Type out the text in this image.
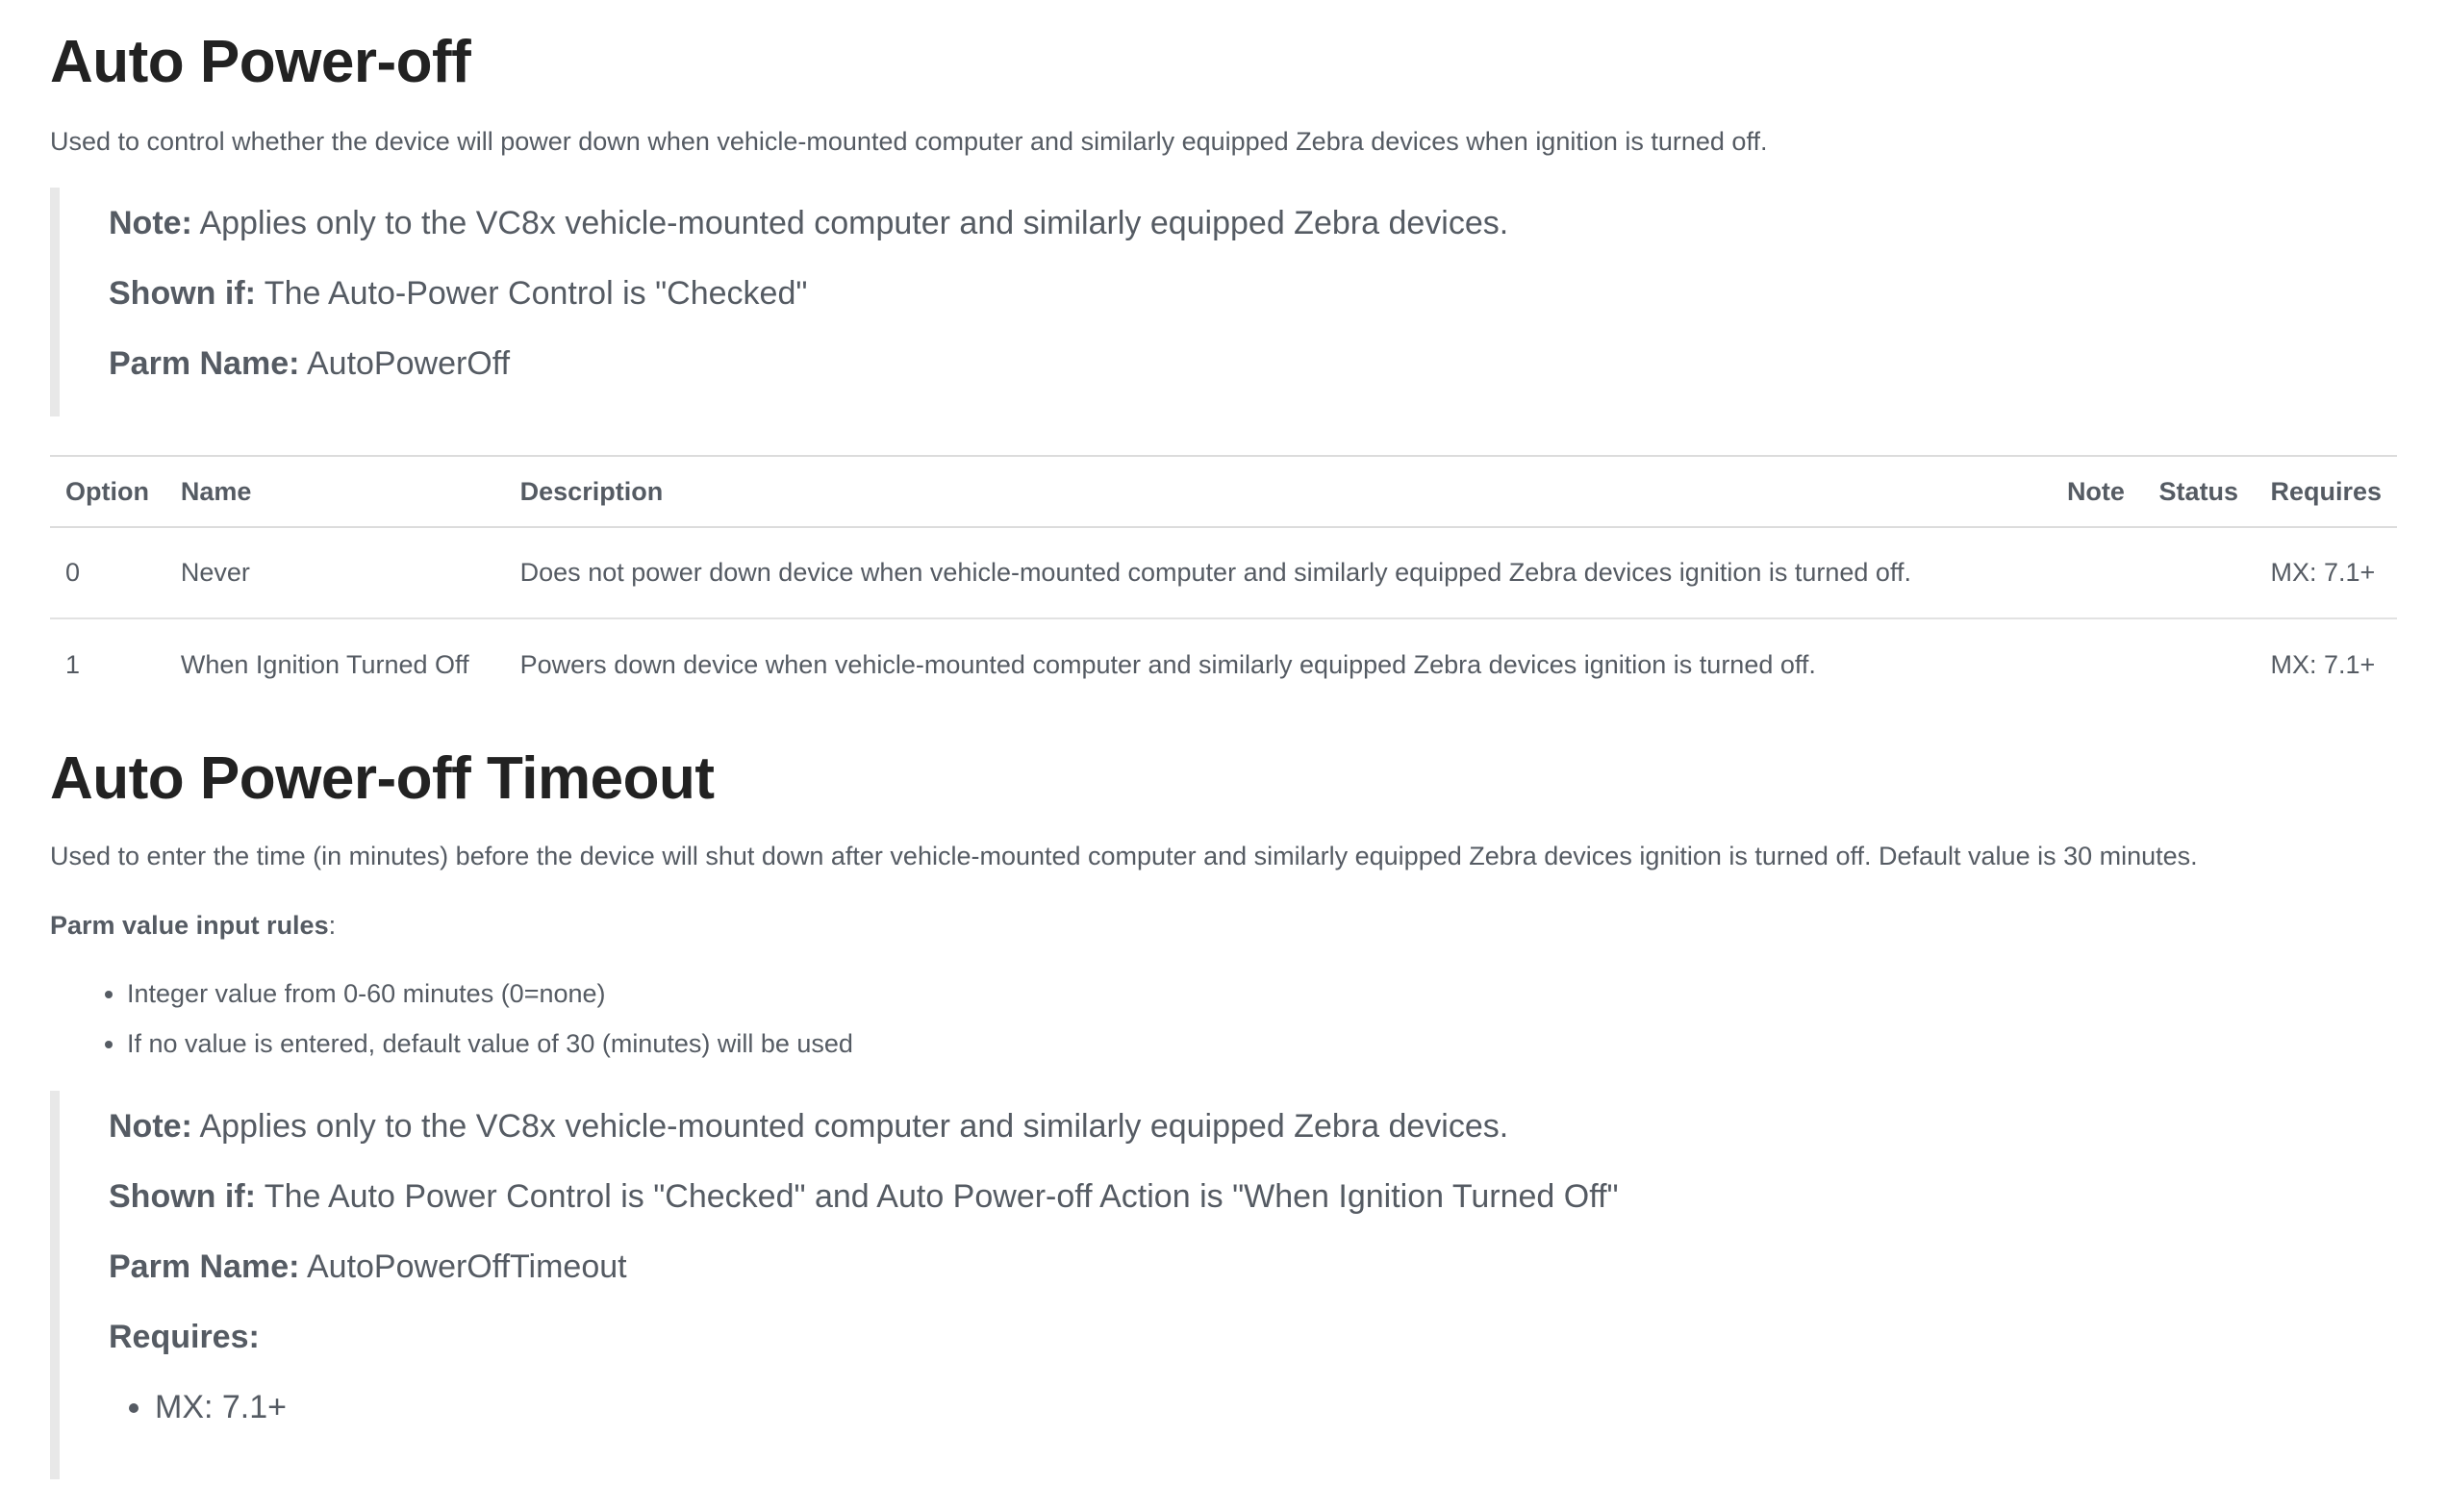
Auto Power-off

Used to control whether the device will power down when vehicle-mounted computer and similarly equipped Zebra devices when ignition is turned off.

Note: Applies only to the VC8x vehicle-mounted computer and similarly equipped Zebra devices.
Shown if: The Auto-Power Control is "Checked"
Parm Name: AutoPowerOff
Option	Name	Description	Note	Status	Requires
0	Never	Does not power down device when vehicle-mounted computer and similarly equipped Zebra devices ignition is turned off.			MX: 7.1+
1	When Ignition Turned Off	Powers down device when vehicle-mounted computer and similarly equipped Zebra devices ignition is turned off.			MX: 7.1+
Auto Power-off Timeout

Used to enter the time (in minutes) before the device will shut down after vehicle-mounted computer and similarly equipped Zebra devices ignition is turned off. Default value is 30 minutes.

Parm value input rules:
• Integer value from 0-60 minutes (0=none)
• If no value is entered, default value of 30 (minutes) will be used
Note: Applies only to the VC8x vehicle-mounted computer and similarly equipped Zebra devices.
Shown if: The Auto Power Control is "Checked" and Auto Power-off Action is "When Ignition Turned Off"
Parm Name: AutoPowerOffTimeout
Requires:
• MX: 7.1+
